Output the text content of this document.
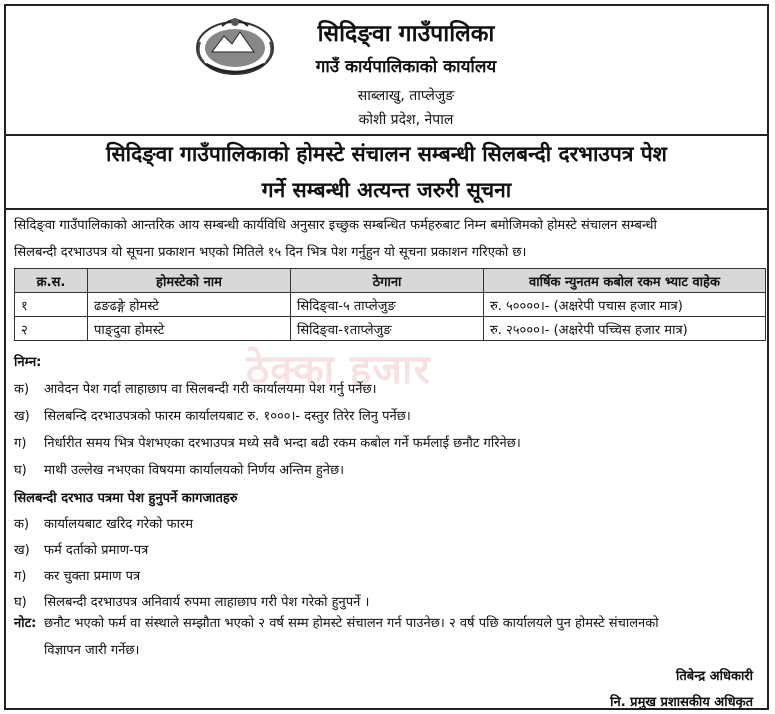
सिदिङ्वा गाउँपालिका
गाउँ कार्यपालिकाको कार्यालय
साब्लाखु, ताप्लेजुङ
कोशी प्रदेश, नेपाल
सिदिङ्वा गाउँपालिकाको होमस्टे संचालन सम्बन्धी सिलबन्दी दरभाउपत्र पेश
गर्ने सम्बन्धी अत्यन्त जरुरी सूचना
सिदिङ्वा गाउँपालिकाको आन्तरिक आय सम्बन्धी कार्यविधि अनुसार इच्छुक सम्बन्धित फर्महरुबाट निम्न बमोजिमको होमस्टे संचालन सम्बन्धी
सिलबन्दी दरभाउपत्र यो सूचना प्रकाशन भएको मितिले १५ दिन भित्र पेश गर्नुहुन यो सूचना प्रकाशन गरिएको छ।
क्र.स.	होमस्टेको नाम	ठेगाना	वार्षिक न्युनतम कबोल रकम भ्याट वाहेक
१	ढङढङ्गे होमस्टे	सिदिङ्वा-५ ताप्लेजुङ	रु. ५००००।- (अक्षरेपी पचास हजार मात्र)
२	पाङ्दुवा होमस्टे	सिदिङ्वा-१ताप्लेजुङ	रु. २५०००।- (अक्षरेपी पच्चिस हजार मात्र)
ठेक्का हजार
निम्न:
क) आवेदन पेश गर्दा लाहाछाप वा सिलबन्दी गरी कार्यालयमा पेश गर्नु पर्नेछ।
ख) सिलबन्दि दरभाउपत्रको फारम कार्यालयबाट रु. १०००।- दस्तुर तिरेर लिनु पर्नेछ।
ग) निर्धारीत समय भित्र पेशभएका दरभाउपत्र मध्ये सवै भन्दा बढी रकम कबोल गर्ने फर्मलाई छनौट गरिनेछ।
घ) माथी उल्लेख नभएका विषयमा कार्यालयको निर्णय अन्तिम हुनेछ।
सिलबन्दी दरभाउ पत्रमा पेश हुनुपर्ने कागजातहरु
क) कार्यालयबाट खरिद गरेको फारम
ख) फर्म दर्ताको प्रमाण-पत्र
ग) कर चुक्ता प्रमाण पत्र
घ) सिलबन्दी दरभाउपत्र अनिवार्य रुपमा लाहाछाप गरी पेश गरेको हुनुपर्ने ।
नोट: छनौट भएको फर्म वा संस्थाले सम्झौता भएको २ वर्ष सम्म होमस्टे संचालन गर्न पाउनेछ। २ वर्ष पछि कार्यालयले पुन होमस्टे संचालनको
विज्ञापन जारी गर्नेछ।
तिबेन्द्र अधिकारी
नि. प्रमुख प्रशासकीय अधिकृत
